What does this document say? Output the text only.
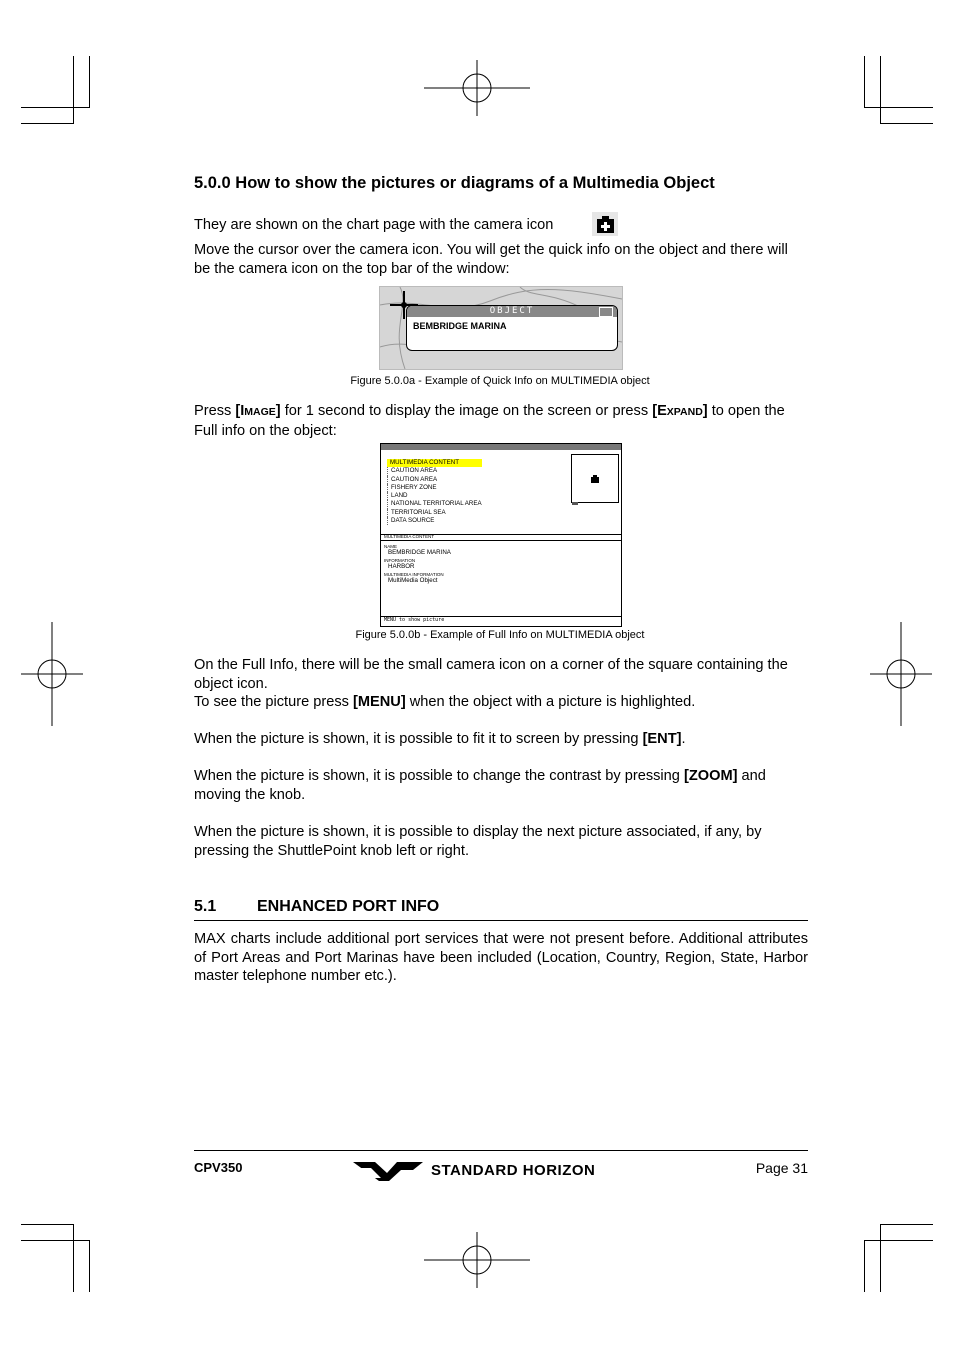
5.0.0 How to show the pictures or diagrams of a Multimedia Object
They are shown on the chart page with the camera icon
Move the cursor over the camera icon. You will get the quick info on the object and there will be the camera icon on the top bar of the window:
OBJECT
BEMBRIDGE MARINA
Figure 5.0.0a - Example of Quick Info on MULTIMEDIA object
Press [IMAGE] for 1 second to display the image on the screen or press [EXPAND] to open the Full info on the object:
MULTIMEDIA CONTENT
CAUTION AREA
CAUTION AREA
FISHERY ZONE
LAND
NATIONAL TERRITORIAL AREA
TERRITORIAL SEA
DATA SOURCE
MULTIMEDIA CONTENT
NAME
BEMBRIDGE MARINA
INFORMATION
HARBOR
MULTIMEDIA INFORMATION
MultiMedia Object
MENU to show picture
Figure 5.0.0b - Example of Full Info on MULTIMEDIA object
On the Full Info, there will be the small camera icon on a corner of the square containing the object icon.
To see the picture press [MENU] when the object with a picture is highlighted.
When the picture is shown, it is possible to fit it to screen by pressing [ENT].
When the picture is shown, it is possible to change the contrast by pressing [ZOOM] and moving the knob.
When the picture is shown, it is possible to display the next picture associated, if any, by pressing the ShuttlePoint knob left or right.
5.1	ENHANCED PORT INFO
MAX charts include additional port services that were not present before. Additional attributes of Port Areas and Port Marinas have been included (Location, Country, Region, State, Harbor master telephone number etc.).
CPV350	STANDARD HORIZON	Page 31
